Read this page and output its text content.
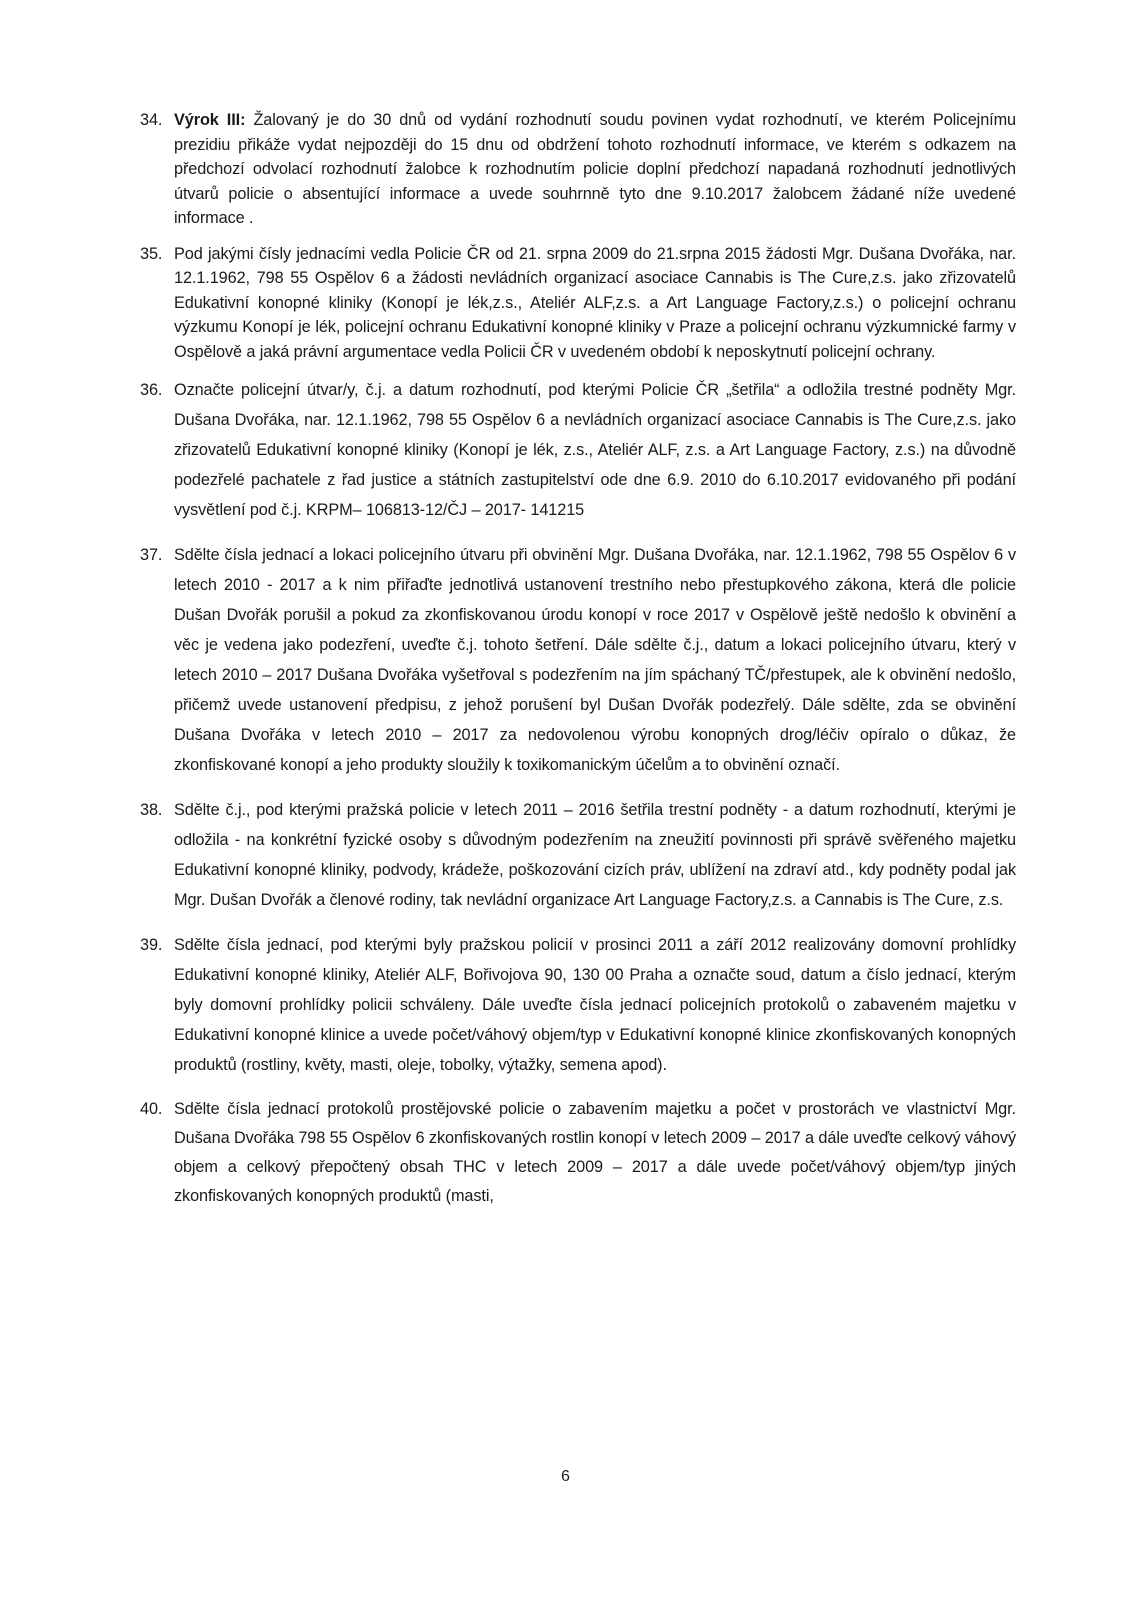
34. Výrok III: Žalovaný je do 30 dnů od vydání rozhodnutí soudu povinen vydat rozhodnutí, ve kterém Policejnímu prezidiu přikáže vydat nejpozději do 15 dnu od obdržení tohoto rozhodnutí informace, ve kterém s odkazem na předchozí odvolací rozhodnutí žalobce k rozhodnutím policie doplní předchozí napadaná rozhodnutí jednotlivých útvarů policie o absentující informace a uvede souhrnně tyto dne 9.10.2017 žalobcem žádané níže uvedené informace .
35. Pod jakými čísly jednacími vedla Policie ČR od 21. srpna 2009 do 21.srpna 2015 žádosti Mgr. Dušana Dvořáka, nar. 12.1.1962, 798 55 Ospělov 6 a žádosti nevládních organizací asociace Cannabis is The Cure,z.s. jako zřizovatelů Edukativní konopné kliniky (Konopí je lék,z.s., Ateliér ALF,z.s. a Art Language Factory,z.s.) o policejní ochranu výzkumu Konopí je lék, policejní ochranu Edukativní konopné kliniky v Praze a policejní ochranu výzkumnické farmy v Ospělově a jaká právní argumentace vedla Policii ČR v uvedeném období k neposkytnutí policejní ochrany.
36. Označte policejní útvar/y, č.j. a datum rozhodnutí, pod kterými Policie ČR „šetřila“ a odložila trestné podněty Mgr. Dušana Dvořáka, nar. 12.1.1962, 798 55 Ospělov 6 a nevládních organizací asociace Cannabis is The Cure,z.s. jako zřizovatelů Edukativní konopné kliniky (Konopí je lék, z.s., Ateliér ALF, z.s. a Art Language Factory, z.s.) na důvodně podezřelé pachatele z řad justice a státních zastupitelství ode dne 6.9. 2010 do 6.10.2017 evidovaného při podání vysvětlení pod č.j. KRPM– 106813-12/ČJ – 2017- 141215
37. Sdělte čísla jednací a lokaci policejního útvaru při obvinění Mgr. Dušana Dvořáka, nar. 12.1.1962, 798 55 Ospělov 6 v letech 2010 - 2017 a k nim přiřaďte jednotlivá ustanovení trestního nebo přestupkového zákona, která dle policie Dušan Dvořák porušil a pokud za zkonfiskovanou úrodu konopí v roce 2017 v Ospělově ještě nedošlo k obvinění a věc je vedena jako podezření, uveďte č.j. tohoto šetření. Dále sdělte č.j., datum a lokaci policejního útvaru, který v letech 2010 – 2017 Dušana Dvořáka vyšetřoval s podezřením na jím spáchaný TČ/přestupek, ale k obvinění nedošlo, přičemž uvede ustanovení předpisu, z jehož porušení byl Dušan Dvořák podezřelý. Dále sdělte, zda se obvinění Dušana Dvořáka v letech 2010 – 2017 za nedovolenou výrobu konopných drog/léčiv opíralo o důkaz, že zkonfiskované konopí a jeho produkty sloužily k toxikomanickým účelům a to obvinění označí.
38. Sdělte č.j., pod kterými pražská policie v letech 2011 – 2016 šetřila trestní podněty - a datum rozhodnutí, kterými je odložila - na konkrétní fyzické osoby s důvodným podezřením na zneužití povinnosti při správě svěřeného majetku Edukativní konopné kliniky, podvody, krádeže, poškozování cizích práv, ublížení na zdraví atd., kdy podněty podal jak Mgr. Dušan Dvořák a členové rodiny, tak nevládní organizace Art Language Factory,z.s. a Cannabis is The Cure, z.s.
39. Sdělte čísla jednací, pod kterými byly pražskou policií v prosinci 2011 a září 2012 realizovány domovní prohlídky Edukativní konopné kliniky, Ateliér ALF, Bořivojova 90, 130 00 Praha a označte soud, datum a číslo jednací, kterým byly domovní prohlídky policii schváleny. Dále uveďte čísla jednací policejních protokolů o zabaveném majetku v Edukativní konopné klinice a uvede počet/váhový objem/typ v Edukativní konopné klinice zkonfiskovaných konopných produktů (rostliny, květy, masti, oleje, tobolky, výtažky, semena apod).
40. Sdělte čísla jednací protokolů prostějovské policie o zabavením majetku a počet v prostorách ve vlastnictví Mgr. Dušana Dvořáka 798 55 Ospělov 6 zkonfiskovaných rostlin konopí v letech 2009 – 2017 a dále uveďte celkový váhový objem a celkový přepočtený obsah THC v letech 2009 – 2017 a dále uvede počet/váhový objem/typ jiných zkonfiskovaných konopných produktů (masti,
6
